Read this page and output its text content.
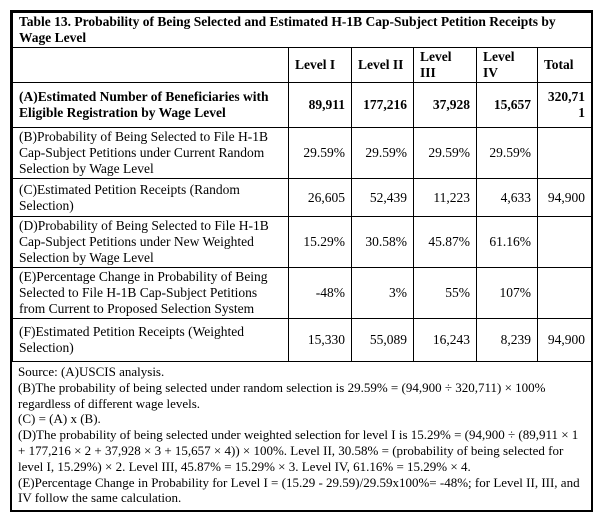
Table 13. Probability of Being Selected and Estimated H-1B Cap-Subject Petition Receipts by Wage Level					
	Level I	Level II	Level III	Level IV	Total
(A)Estimated Number of Beneficiaries with Eligible Registration by Wage Level	89,911	177,216	37,928	15,657	320,711
(B)Probability of Being Selected to File H-1B Cap-Subject Petitions under Current Random Selection by Wage Level	29.59%	29.59%	29.59%	29.59%	
(C)Estimated Petition Receipts (Random Selection)	26,605	52,439	11,223	4,633	94,900
(D)Probability of Being Selected to File H-1B Cap-Subject Petitions under New Weighted Selection by Wage Level	15.29%	30.58%	45.87%	61.16%	
(E)Percentage Change in Probability of Being Selected to File H-1B Cap-Subject Petitions from Current to Proposed Selection System	-48%	3%	55%	107%	
(F)Estimated Petition Receipts (Weighted Selection)	15,330	55,089	16,243	8,239	94,900

Source: (A)USCIS analysis.

(B)The probability of being selected under random selection is 29.59% = (94,900 ÷ 320,711) × 100% regardless of different wage levels.

(C) = (A) x (B).

(D)The probability of being selected under weighted selection for level I is 15.29% = (94,900 ÷ (89,911 × 1 + 177,216 × 2 + 37,928 × 3 + 15,657 × 4)) × 100%. Level II, 30.58% = (probability of being selected for level I, 15.29%) × 2. Level III, 45.87% = 15.29% × 3. Level IV, 61.16% = 15.29% × 4.

(E)Percentage Change in Probability for Level I = (15.29 - 29.59)/29.59x100%= -48%; for Level II, III, and IV follow the same calculation.
